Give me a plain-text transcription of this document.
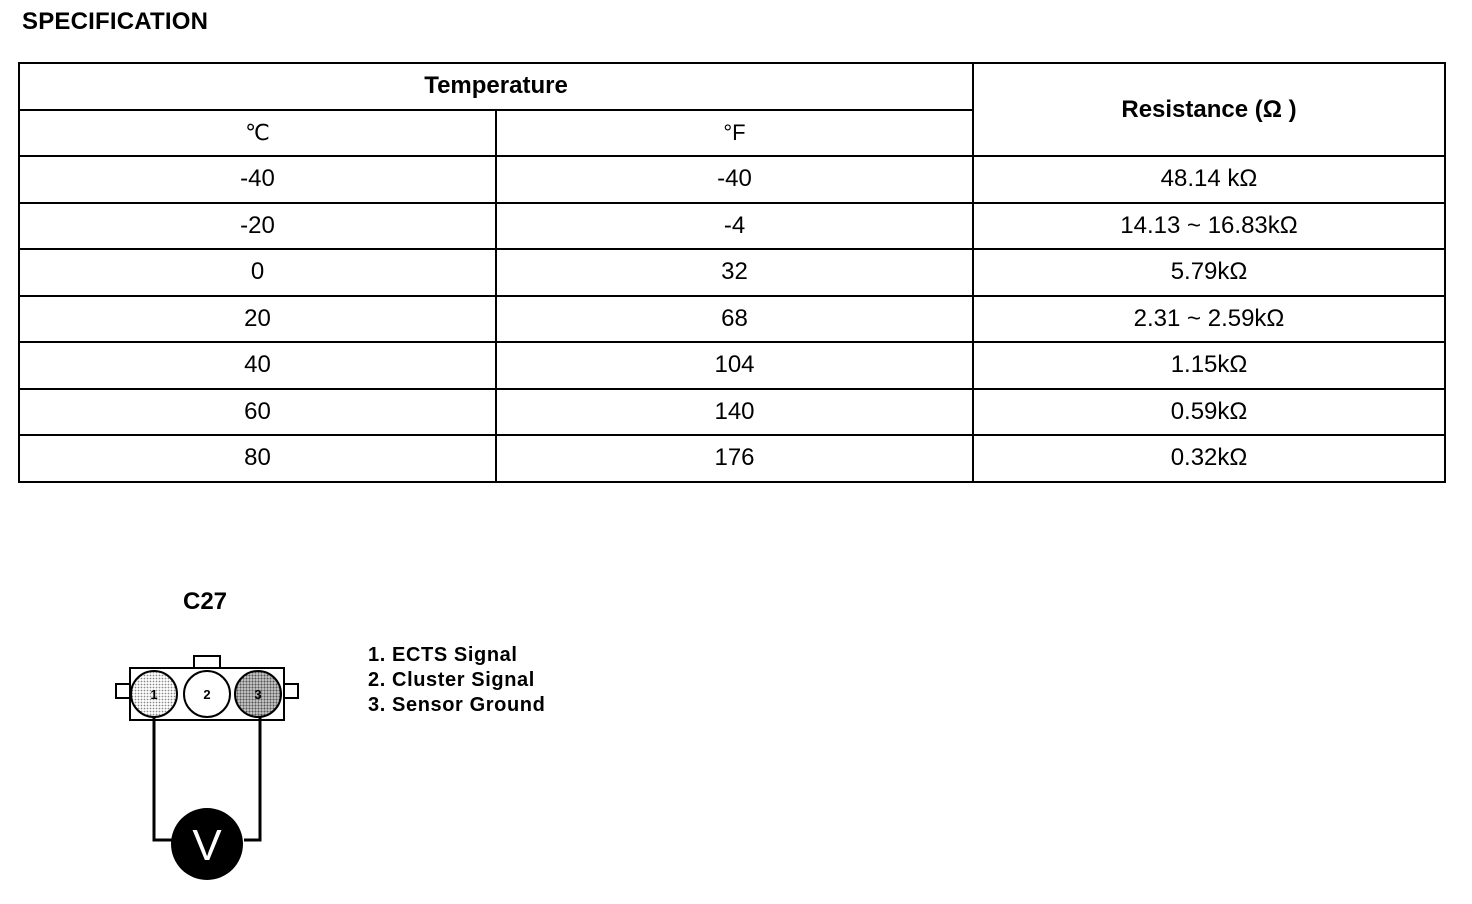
SPECIFICATION
Temperature		Resistance (Ω )
℃	°F	
-40	-40	48.14 kΩ
-20	-4	14.13 ~ 16.83kΩ
0	32	5.79kΩ
20	68	2.31 ~ 2.59kΩ
40	104	1.15kΩ
60	140	0.59kΩ
80	176	0.32kΩ
C27
1	2	3
V
1. ECTS Signal
2. Cluster Signal
3. Sensor Ground
